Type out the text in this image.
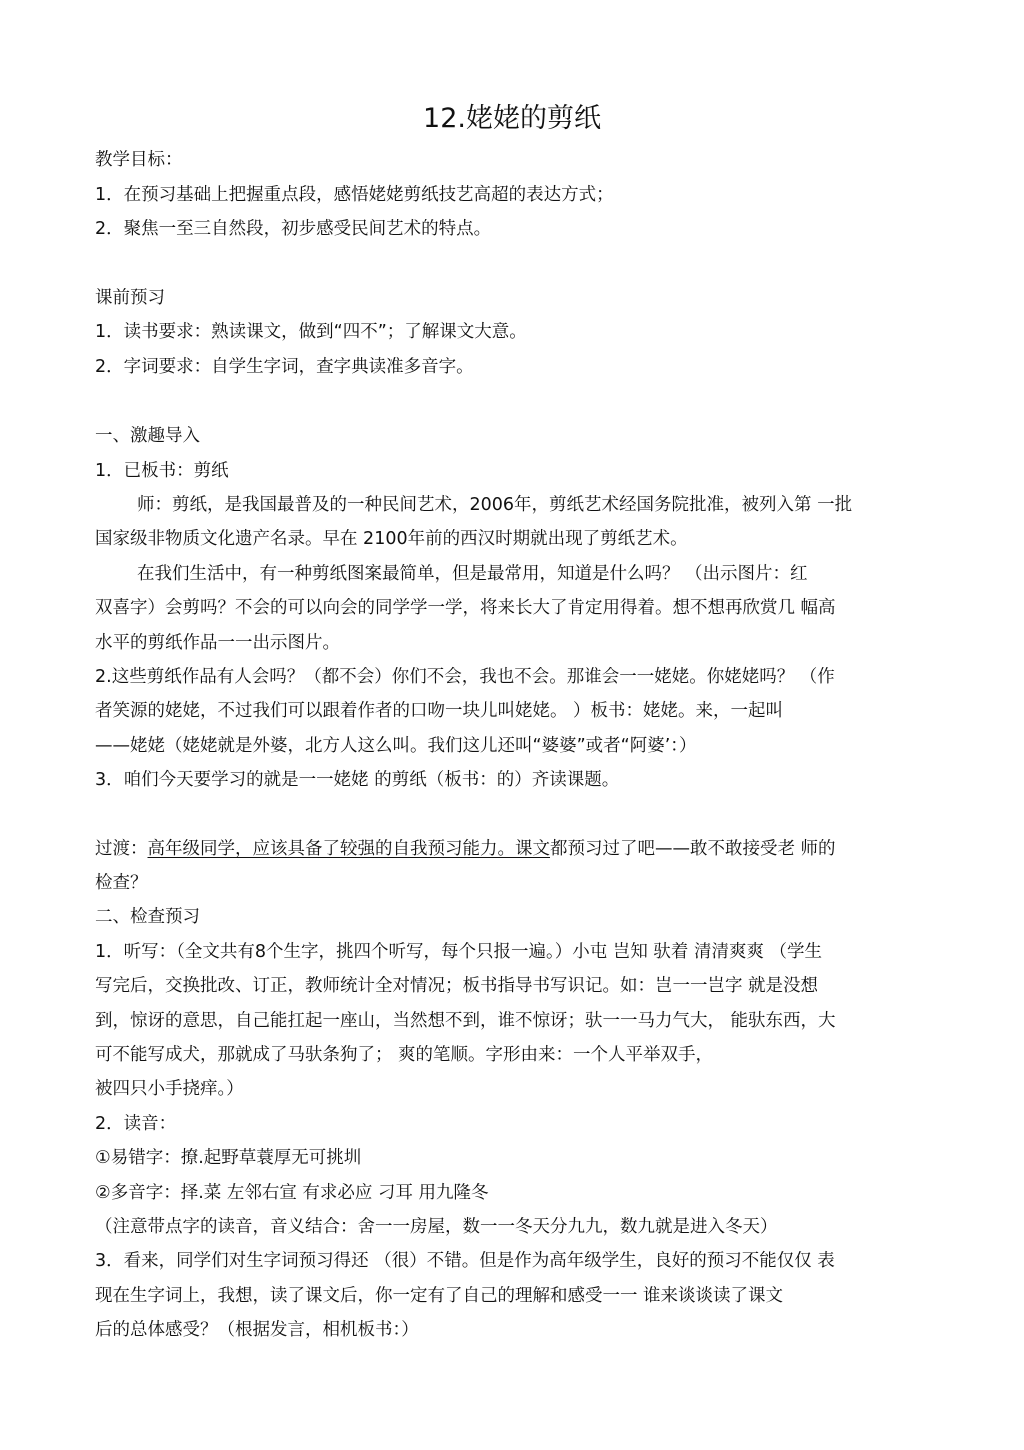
12.姥姥的剪纸
教学目标：
1．在预习基础上把握重点段，感悟姥姥剪纸技艺高超的表达方式；
2．聚焦一至三自然段，初步感受民间艺术的特点。
课前预习
1．读书要求：熟读课文，做到“四不”；了解课文大意。
2．字词要求：自学生字词，查字典读准多音字。
一、激趣导入
1．已板书：剪纸
师：剪纸，是我国最普及的一种民间艺术，2006年，剪纸艺术经国务院批准，被列入第 一批
国家级非物质文化遗产名录。早在 2100年前的西汉时期就出现了剪纸艺术。
在我们生活中，有一种剪纸图案最简单，但是最常用，知道是什么吗？ （出示图片：红
双喜字）会剪吗？不会的可以向会的同学学一学，将来长大了肯定用得着。想不想再欣赏几 幅高
水平的剪纸作品一一出示图片。
2.这些剪纸作品有人会吗？（都不会）你们不会，我也不会。那谁会一一姥姥。你姥姥吗？ （作
者笑源的姥姥，不过我们可以跟着作者的口吻一块儿叫姥姥。 ）板书：姥姥。来，一起叫
——姥姥（姥姥就是外婆，北方人这么叫。我们这儿还叫“婆婆”或者“阿婆’：）
3．咱们今天要学习的就是一一姥姥 的剪纸（板书：的）齐读课题。
过渡：高年级同学，应该具备了较强的自我预习能力。课文都预习过了吧——敢不敢接受老 师的
检查？
二、检查预习
1．听写：（全文共有8个生字，挑四个听写，每个只报一遍。）小屯 岂知 驮着 清清爽爽 （学生
写完后，交换批改、订正，教师统计全对情况；板书指导书写识记。如：岂一一岂字 就是没想
到，惊讶的意思，自己能扛起一座山，当然想不到，谁不惊讶；驮一一马力气大， 能驮东西，大
可不能写成犬，那就成了马驮条狗了； 爽的笔顺。字形由来：一个人平举双手，
被四只小手挠痒。）
2．读音：
①易错字：撩.起野草蓑厚无可挑圳
②多音字：择.菜 左邻右宣 有求必应 刁耳 用九隆冬
（注意带点字的读音，音义结合：舍一一房屋，数一一冬天分九九，数九就是进入冬天）
3．看来，同学们对生字词预习得还 （很）不错。但是作为高年级学生，良好的预习不能仅仅 表
现在生字词上，我想，读了课文后，你一定有了自己的理解和感受一一 谁来谈谈读了课文
后的总体感受？（根据发言，相机板书：）
